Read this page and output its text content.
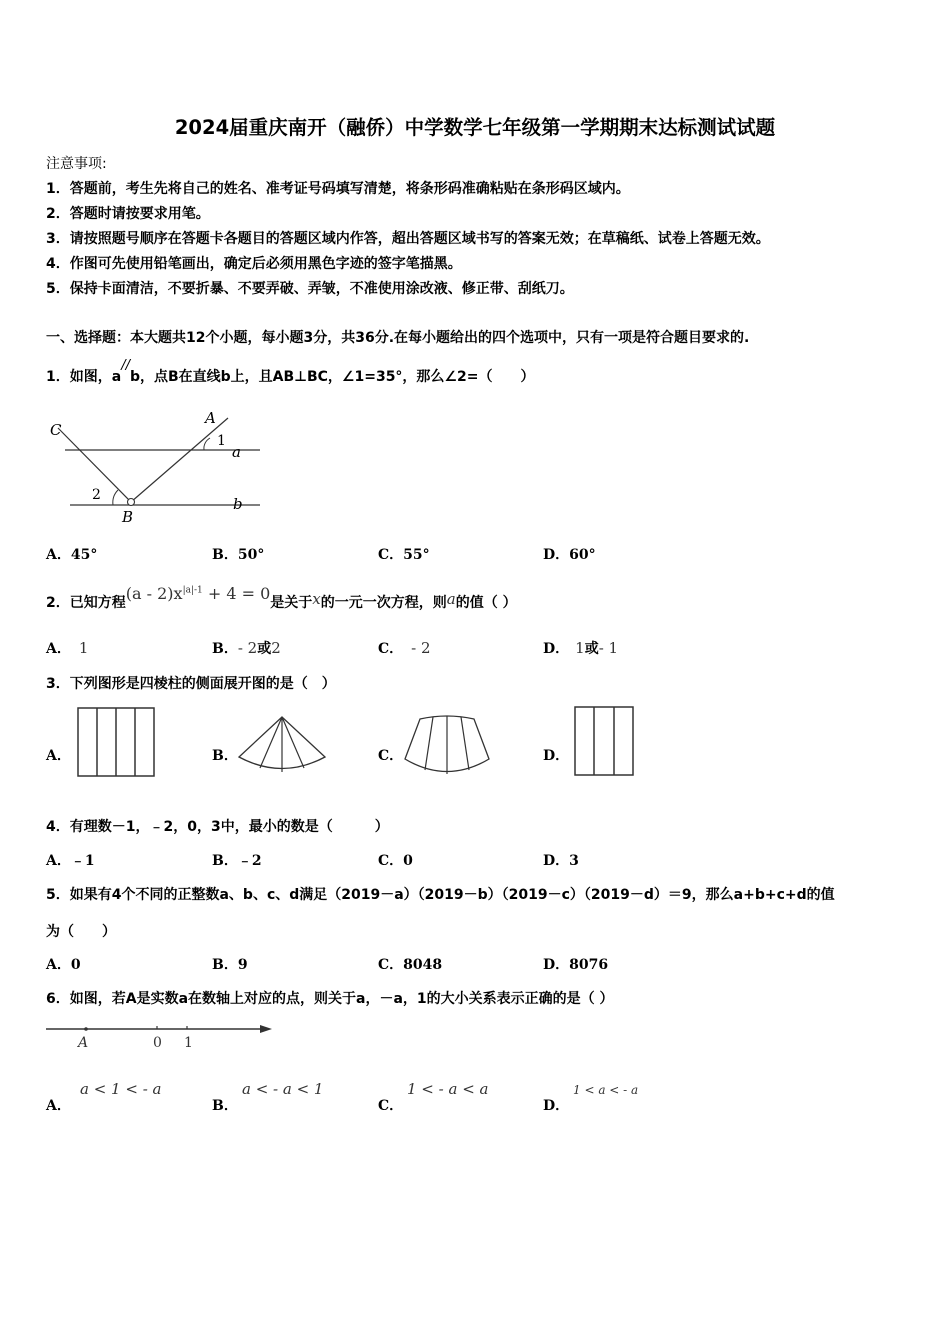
2024届重庆南开（融侨）中学数学七年级第一学期期末达标测试试题
注意事项:
1．答题前，考生先将自己的姓名、准考证号码填写清楚，将条形码准确粘贴在条形码区域内。
2．答题时请按要求用笔。
3．请按照题号顺序在答题卡各题目的答题区域内作答，超出答题区域书写的答案无效；在草稿纸、试卷上答题无效。
4．作图可先使用铅笔画出，确定后必须用黑色字迹的签字笔描黑。
5．保持卡面清洁，不要折暴、不要弄破、弄皱，不准使用涂改液、修正带、刮纸刀。
一、选择题：本大题共12个小题，每小题3分，共36分.在每小题给出的四个选项中，只有一项是符合题目要求的.
1．如图，a//b，点B在直线b上，且AB⊥BC，∠1=35°，那么∠2=（　　）
C
A
1
a
2
B
b
A．45°	B．50°	C．55°	D．60°
2．已知方程$(a - 2)x^{|a|-1} + 4 = 0$是关于x的一元一次方程，则a的值（ ）
A． 1	B．- 2或2	C． - 2	D． 1或- 1
3．下列图形是四棱柱的侧面展开图的是（　）
A．	B．	C．	D．
4．有理数－1，﹣2，0，3中，最小的数是（　　　）
A．﹣1	B．﹣2	C．0	D．3
5．如果有4个不同的正整数a、b、c、d满足（2019－a）（2019－b）（2019－c）（2019－d）＝9，那么a+b+c+d的值
为（　　）
A．0	B．9	C．8048	D．8076
6．如图，若A是实数a在数轴上对应的点，则关于a，－a，1的大小关系表示正确的是（ ）
A	0 1
A．
a < 1 < - a
B．
a < - a < 1
C．
1 < - a < a
D．
1 < a < - a
